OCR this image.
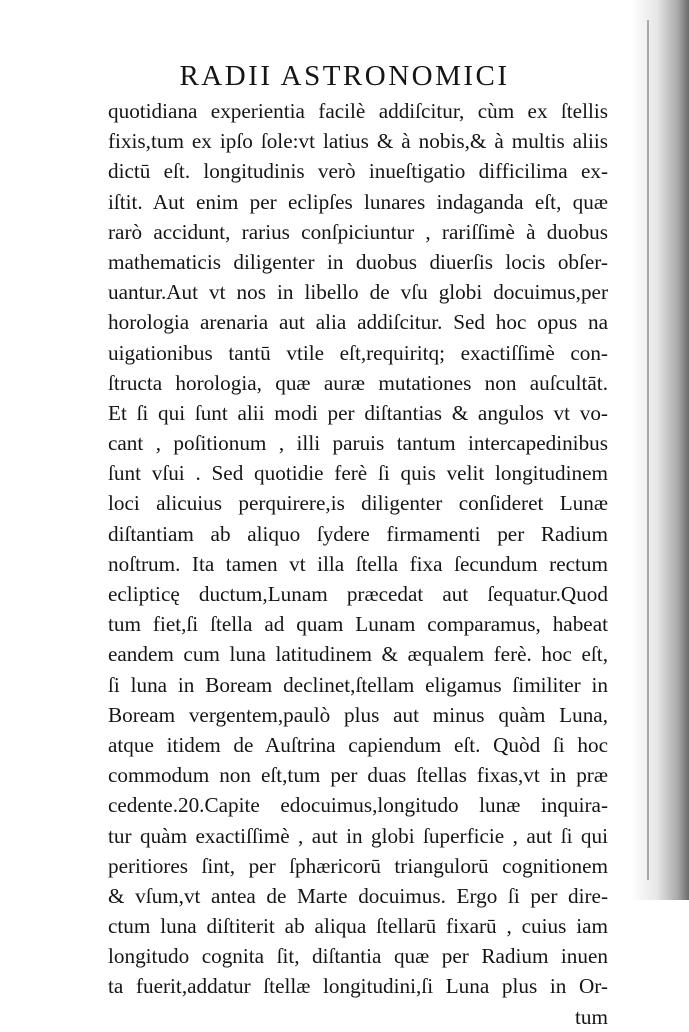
RADII ASTRONOMICI
quotidiana experientia facilè addiſcitur, cùm ex ſtellis
fixis,tum ex ipſo ſole:vt latius & à nobis,& à multis aliis
dictū eſt. longitudinis verò inueſtigatio difficilima ex-
iſtit. Aut enim per eclipſes lunares indaganda eſt, quæ
rarò accidunt, rarius conſpiciuntur , rariſſimè à duobus
mathematicis diligenter in duobus diuerſis locis obſer-
uantur.Aut vt nos in libello de vſu globi docuimus,per
horologia arenaria aut alia addiſcitur. Sed hoc opus na
uigationibus tantū vtile eſt,requiritq; exactiſſimè con-
ſtructa horologia, quæ auræ mutationes non auſcultāt.
Et ſi qui ſunt alii modi per diſtantias & angulos vt vo-
cant , poſitionum , illi paruis tantum intercapedinibus
ſunt vſui . Sed quotidie ferè ſi quis velit longitudinem
loci alicuius perquirere,is diligenter conſideret Lunæ
diſtantiam ab aliquo ſydere firmamenti per Radium
noſtrum. Ita tamen vt illa ſtella fixa ſecundum rectum
eclipticę ductum,Lunam præcedat aut ſequatur.Quod
tum fiet,ſi ſtella ad quam Lunam comparamus, habeat
eandem cum luna latitudinem & æqualem ferè. hoc eſt,
ſi luna in Boream declinet,ſtellam eligamus ſimiliter in
Boream vergentem,paulò plus aut minus quàm Luna,
atque itidem de Auſtrina capiendum eſt. Quòd ſi hoc
commodum non eſt,tum per duas ſtellas fixas,vt in præ
cedente.20.Capite edocuimus,longitudo lunæ inquira-
tur quàm exactiſſimè , aut in globi ſuperficie , aut ſi qui
peritiores ſint, per ſphæricorū triangulorū cognitionem
& vſum,vt antea de Marte docuimus. Ergo ſi per dire-
ctum luna diſtiterit ab aliqua ſtellarū fixarū , cuius iam
longitudo cognita ſit, diſtantia quæ per Radium inuen
ta fuerit,addatur ſtellæ longitudini,ſi Luna plus in Or-
tum
